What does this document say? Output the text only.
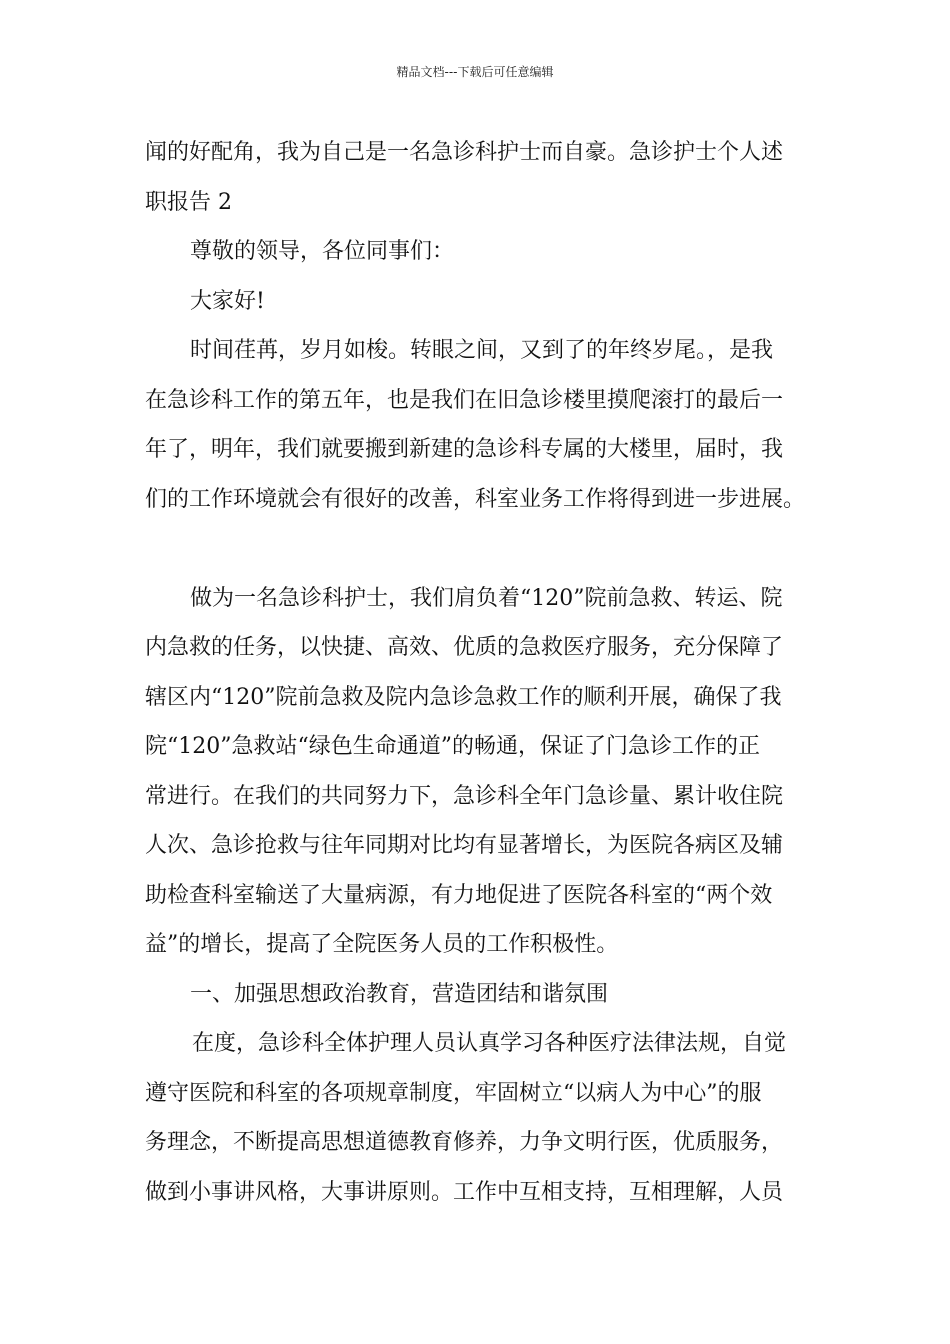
精品文档---下载后可任意编辑
闻的好配角，我为自己是一名急诊科护士而自豪。急诊护士个人述
职报告 2
尊敬的领导，各位同事们：
大家好!
时间荏苒，岁月如梭。转眼之间，又到了的年终岁尾。，是我
在急诊科工作的第五年，也是我们在旧急诊楼里摸爬滚打的最后一
年了，明年，我们就要搬到新建的急诊科专属的大楼里，届时，我
们的工作环境就会有很好的改善，科室业务工作将得到进一步进展。
做为一名急诊科护士，我们肩负着“120”院前急救、转运、院
内急救的任务，以快捷、高效、优质的急救医疗服务，充分保障了
辖区内“120”院前急救及院内急诊急救工作的顺利开展，确保了我
院“120”急救站“绿色生命通道”的畅通，保证了门急诊工作的正
常进行。在我们的共同努力下，急诊科全年门急诊量、累计收住院
人次、急诊抢救与往年同期对比均有显著增长，为医院各病区及辅
助检查科室输送了大量病源，有力地促进了医院各科室的“两个效
益”的增长，提高了全院医务人员的工作积极性。
一、加强思想政治教育，营造团结和谐氛围
在度，急诊科全体护理人员认真学习各种医疗法律法规，自觉
遵守医院和科室的各项规章制度，牢固树立“以病人为中心”的服
务理念，不断提高思想道德教育修养，力争文明行医，优质服务，
做到小事讲风格，大事讲原则。工作中互相支持，互相理解，人员
